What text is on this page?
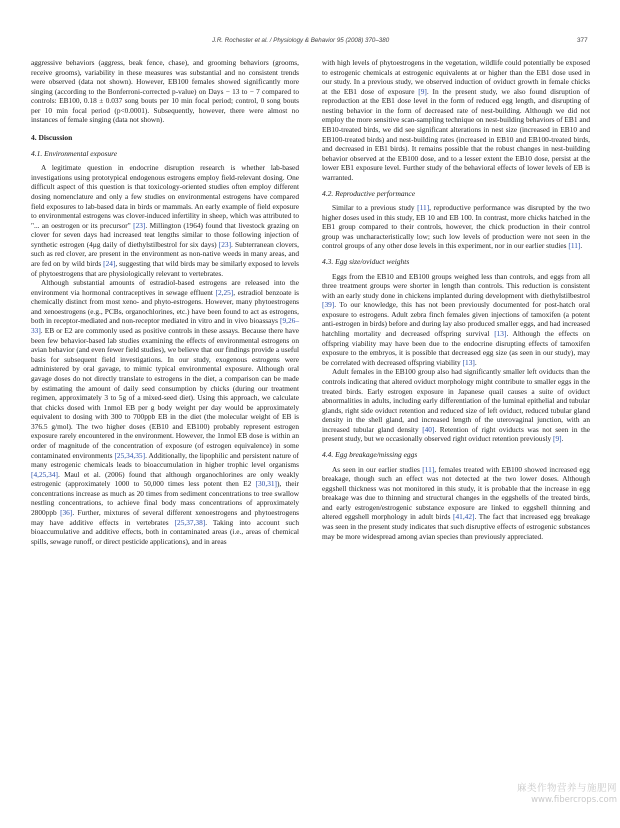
J.R. Rochester et al. / Physiology & Behavior 95 (2008) 370–380	377

aggressive behaviors (aggress, beak fence, chase), and grooming behaviors (grooms, receive grooms), variability in these measures was substantial and no consistent trends were observed (data not shown). However, EB100 females showed significantly more singing (according to the Bonferroni-corrected p-value) on Days − 13 to − 7 compared to controls: EB100, 0.18 ± 0.037 song bouts per 10 min focal period; control, 0 song bouts per 10 min focal period (p<0.0001). Subsequently, however, there were almost no instances of female singing (data not shown).

4. Discussion
4.1. Environmental exposure

A legitimate question in endocrine disruption research is whether lab-based investigations using prototypical endogenous estrogens employ field-relevant dosing. One difficult aspect of this question is that toxicology-oriented studies often employ different dosing nomenclature and only a few studies on environmental estrogens have compared field exposures to lab-based data in birds or mammals. An early example of field exposure to environmental estrogens was clover-induced infertility in sheep, which was attributed to "... an oestrogen or its precursor" [23]. Millington (1964) found that livestock grazing on clover for seven days had increased teat lengths similar to those following injection of synthetic estrogen (4μg daily of diethylstilbestrol for six days) [23]. Subterranean clovers, such as red clover, are present in the environment as non-native weeds in many areas, and are fed on by wild birds [24], suggesting that wild birds may be similarly exposed to levels of phytoestrogens that are physiologically relevant to vertebrates.

Although substantial amounts of estradiol-based estrogens are released into the environment via hormonal contraceptives in sewage effluent [2,25], estradiol benzoate is chemically distinct from most xeno- and phyto-estrogens. However, many phytoestrogens and xenoestrogens (e.g., PCBs, organochlorines, etc.) have been found to act as estrogens, both in receptor-mediated and non-receptor mediated in vitro and in vivo bioassays [9,26–33]. EB or E2 are commonly used as positive controls in these assays. Because there have been few behavior-based lab studies examining the effects of environmental estrogens on avian behavior (and even fewer field studies), we believe that our findings provide a useful basis for subsequent field investigations. In our study, exogenous estrogens were administered by oral gavage, to mimic typical environmental exposure. Although oral gavage doses do not directly translate to estrogens in the diet, a comparison can be made by estimating the amount of daily seed consumption by chicks (during our treatment regimen, approximately 3 to 5g of a mixed-seed diet). Using this approach, we calculate that chicks dosed with 1nmol EB per g body weight per day would be approximately equivalent to dosing with 300 to 700ppb EB in the diet (the molecular weight of EB is 376.5 g/mol). The two higher doses (EB10 and EB100) probably represent estrogen exposure rarely encountered in the environment. However, the 1nmol EB dose is within an order of magnitude of the concentration of exposure (of estrogen equivalence) in some contaminated environments [25,34,35]. Additionally, the lipophilic and persistent nature of many estrogenic chemicals leads to bioaccumulation in higher trophic level organisms [4,25,34]. Maul et al. (2006) found that although organochlorines are only weakly estrogenic (approximately 1000 to 50,000 times less potent then E2 [30,31]), their concentrations increase as much as 20 times from sediment concentrations to tree swallow nestling concentrations, to achieve final body mass concentrations of approximately 2800ppb [36]. Further, mixtures of several different xenoestrogens and phytoestrogens may have additive effects in vertebrates [25,37,38]. Taking into account such bioaccumulative and additive effects, both in contaminated areas (i.e., areas of chemical spills, sewage runoff, or direct pesticide applications), and in areas

with high levels of phytoestrogens in the vegetation, wildlife could potentially be exposed to estrogenic chemicals at estrogenic equivalents at or higher than the EB1 dose used in our study. In a previous study, we observed induction of oviduct growth in female chicks at the EB1 dose of exposure [9]. In the present study, we also found disruption of reproduction at the EB1 dose level in the form of reduced egg length, and disrupting of nesting behavior in the form of decreased rate of nest-building. Although we did not employ the more sensitive scan-sampling technique on nest-building behaviors of EB1 and EB10-treated birds, we did see significant alterations in nest size (increased in EB10 and EB100-treated birds) and nest-building rates (increased in EB10 and EB100-treated birds, and decreased in EB1 birds). It remains possible that the robust changes in nest-building behavior observed at the EB100 dose, and to a lesser extent the EB10 dose, persist at the lower EB1 exposure level. Further study of the behavioral effects of lower levels of EB is warranted.

4.2. Reproductive performance

Similar to a previous study [11], reproductive performance was disrupted by the two higher doses used in this study, EB 10 and EB 100. In contrast, more chicks hatched in the EB1 group compared to their controls, however, the chick production in their control group was uncharacteristically low; such low levels of production were not seen in the control groups of any other dose levels in this experiment, nor in our earlier studies [11].

4.3. Egg size/oviduct weights

Eggs from the EB10 and EB100 groups weighed less than controls, and eggs from all three treatment groups were shorter in length than controls. This reduction is consistent with an early study done in chickens implanted during development with diethylstilbestrol [39]. To our knowledge, this has not been previously documented for post-hatch oral exposure to estrogens. Adult zebra finch females given injections of tamoxifen (a potent anti-estrogen in birds) before and during lay also produced smaller eggs, and had increased hatchling mortality and decreased offspring survival [13]. Although the effects on offspring viability may have been due to the endocrine disrupting effects of tamoxifen exposure to the embryos, it is possible that decreased egg size (as seen in our study), may be correlated with decreased offspring viability [13].

Adult females in the EB100 group also had significantly smaller left oviducts than the controls indicating that altered oviduct morphology might contribute to smaller eggs in the treated birds. Early estrogen exposure in Japanese quail causes a suite of oviduct abnormalities in adults, including early differentiation of the luminal epithelial and tubular glands, right side oviduct retention and reduced size of left oviduct, reduced tubular gland density in the shell gland, and increased length of the uterovaginal junction, with an increased tubular gland density [40]. Retention of right oviducts was not seen in the present study, but we occasionally observed right oviduct retention previously [9].

4.4. Egg breakage/missing eggs

As seen in our earlier studies [11], females treated with EB100 showed increased egg breakage, though such an effect was not detected at the two lower doses. Although eggshell thickness was not monitored in this study, it is probable that the increase in egg breakage was due to thinning and structural changes in the eggshells of the treated birds, and early estrogen/estrogenic substance exposure are linked to eggshell thinning and altered eggshell morphology in adult birds [41,42]. The fact that increased egg breakage was seen in the present study indicates that such disruptive effects of estrogenic substances may be more widespread among avian species than previously appreciated.

麻类作物营养与施肥网
www.fibercrops.com
